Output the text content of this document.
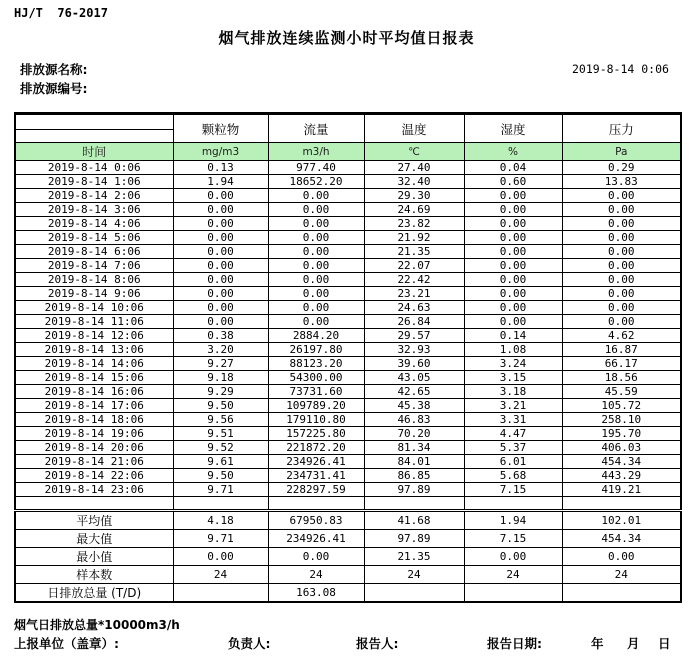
HJ/T  76-2017
烟气排放连续监测小时平均值日报表
排放源名称:
排放源编号:
2019-8-14 0:06
	颗粒物	流量	温度	湿度	压力
时间	mg/m3	m3/h	℃	%	Pa
2019-8-14 0:06	0.13	977.40	27.40	0.04	0.29
2019-8-14 1:06	1.94	18652.20	32.40	0.60	13.83
2019-8-14 2:06	0.00	0.00	29.30	0.00	0.00
2019-8-14 3:06	0.00	0.00	24.69	0.00	0.00
2019-8-14 4:06	0.00	0.00	23.82	0.00	0.00
2019-8-14 5:06	0.00	0.00	21.92	0.00	0.00
2019-8-14 6:06	0.00	0.00	21.35	0.00	0.00
2019-8-14 7:06	0.00	0.00	22.07	0.00	0.00
2019-8-14 8:06	0.00	0.00	22.42	0.00	0.00
2019-8-14 9:06	0.00	0.00	23.21	0.00	0.00
2019-8-14 10:06	0.00	0.00	24.63	0.00	0.00
2019-8-14 11:06	0.00	0.00	26.84	0.00	0.00
2019-8-14 12:06	0.38	2884.20	29.57	0.14	4.62
2019-8-14 13:06	3.20	26197.80	32.93	1.08	16.87
2019-8-14 14:06	9.27	88123.20	39.60	3.24	66.17
2019-8-14 15:06	9.18	54300.00	43.05	3.15	18.56
2019-8-14 16:06	9.29	73731.60	42.65	3.18	45.59
2019-8-14 17:06	9.50	109789.20	45.38	3.21	105.72
2019-8-14 18:06	9.56	179110.80	46.83	3.31	258.10
2019-8-14 19:06	9.51	157225.80	70.20	4.47	195.70
2019-8-14 20:06	9.52	221872.20	81.34	5.37	406.03
2019-8-14 21:06	9.61	234926.41	84.01	6.01	454.34
2019-8-14 22:06	9.50	234731.41	86.85	5.68	443.29
2019-8-14 23:06	9.71	228297.59	97.89	7.15	419.21

平均值	4.18	67950.83	41.68	1.94	102.01
最大值	9.71	234926.41	97.89	7.15	454.34
最小值	0.00	0.00	21.35	0.00	0.00
样本数	24	24	24	24	24
日排放总量 (T/D)		163.08			
烟气日排放总量*10000m3/h
上报单位（盖章）:	负责人:	报告人:	报告日期:	年 月 日
